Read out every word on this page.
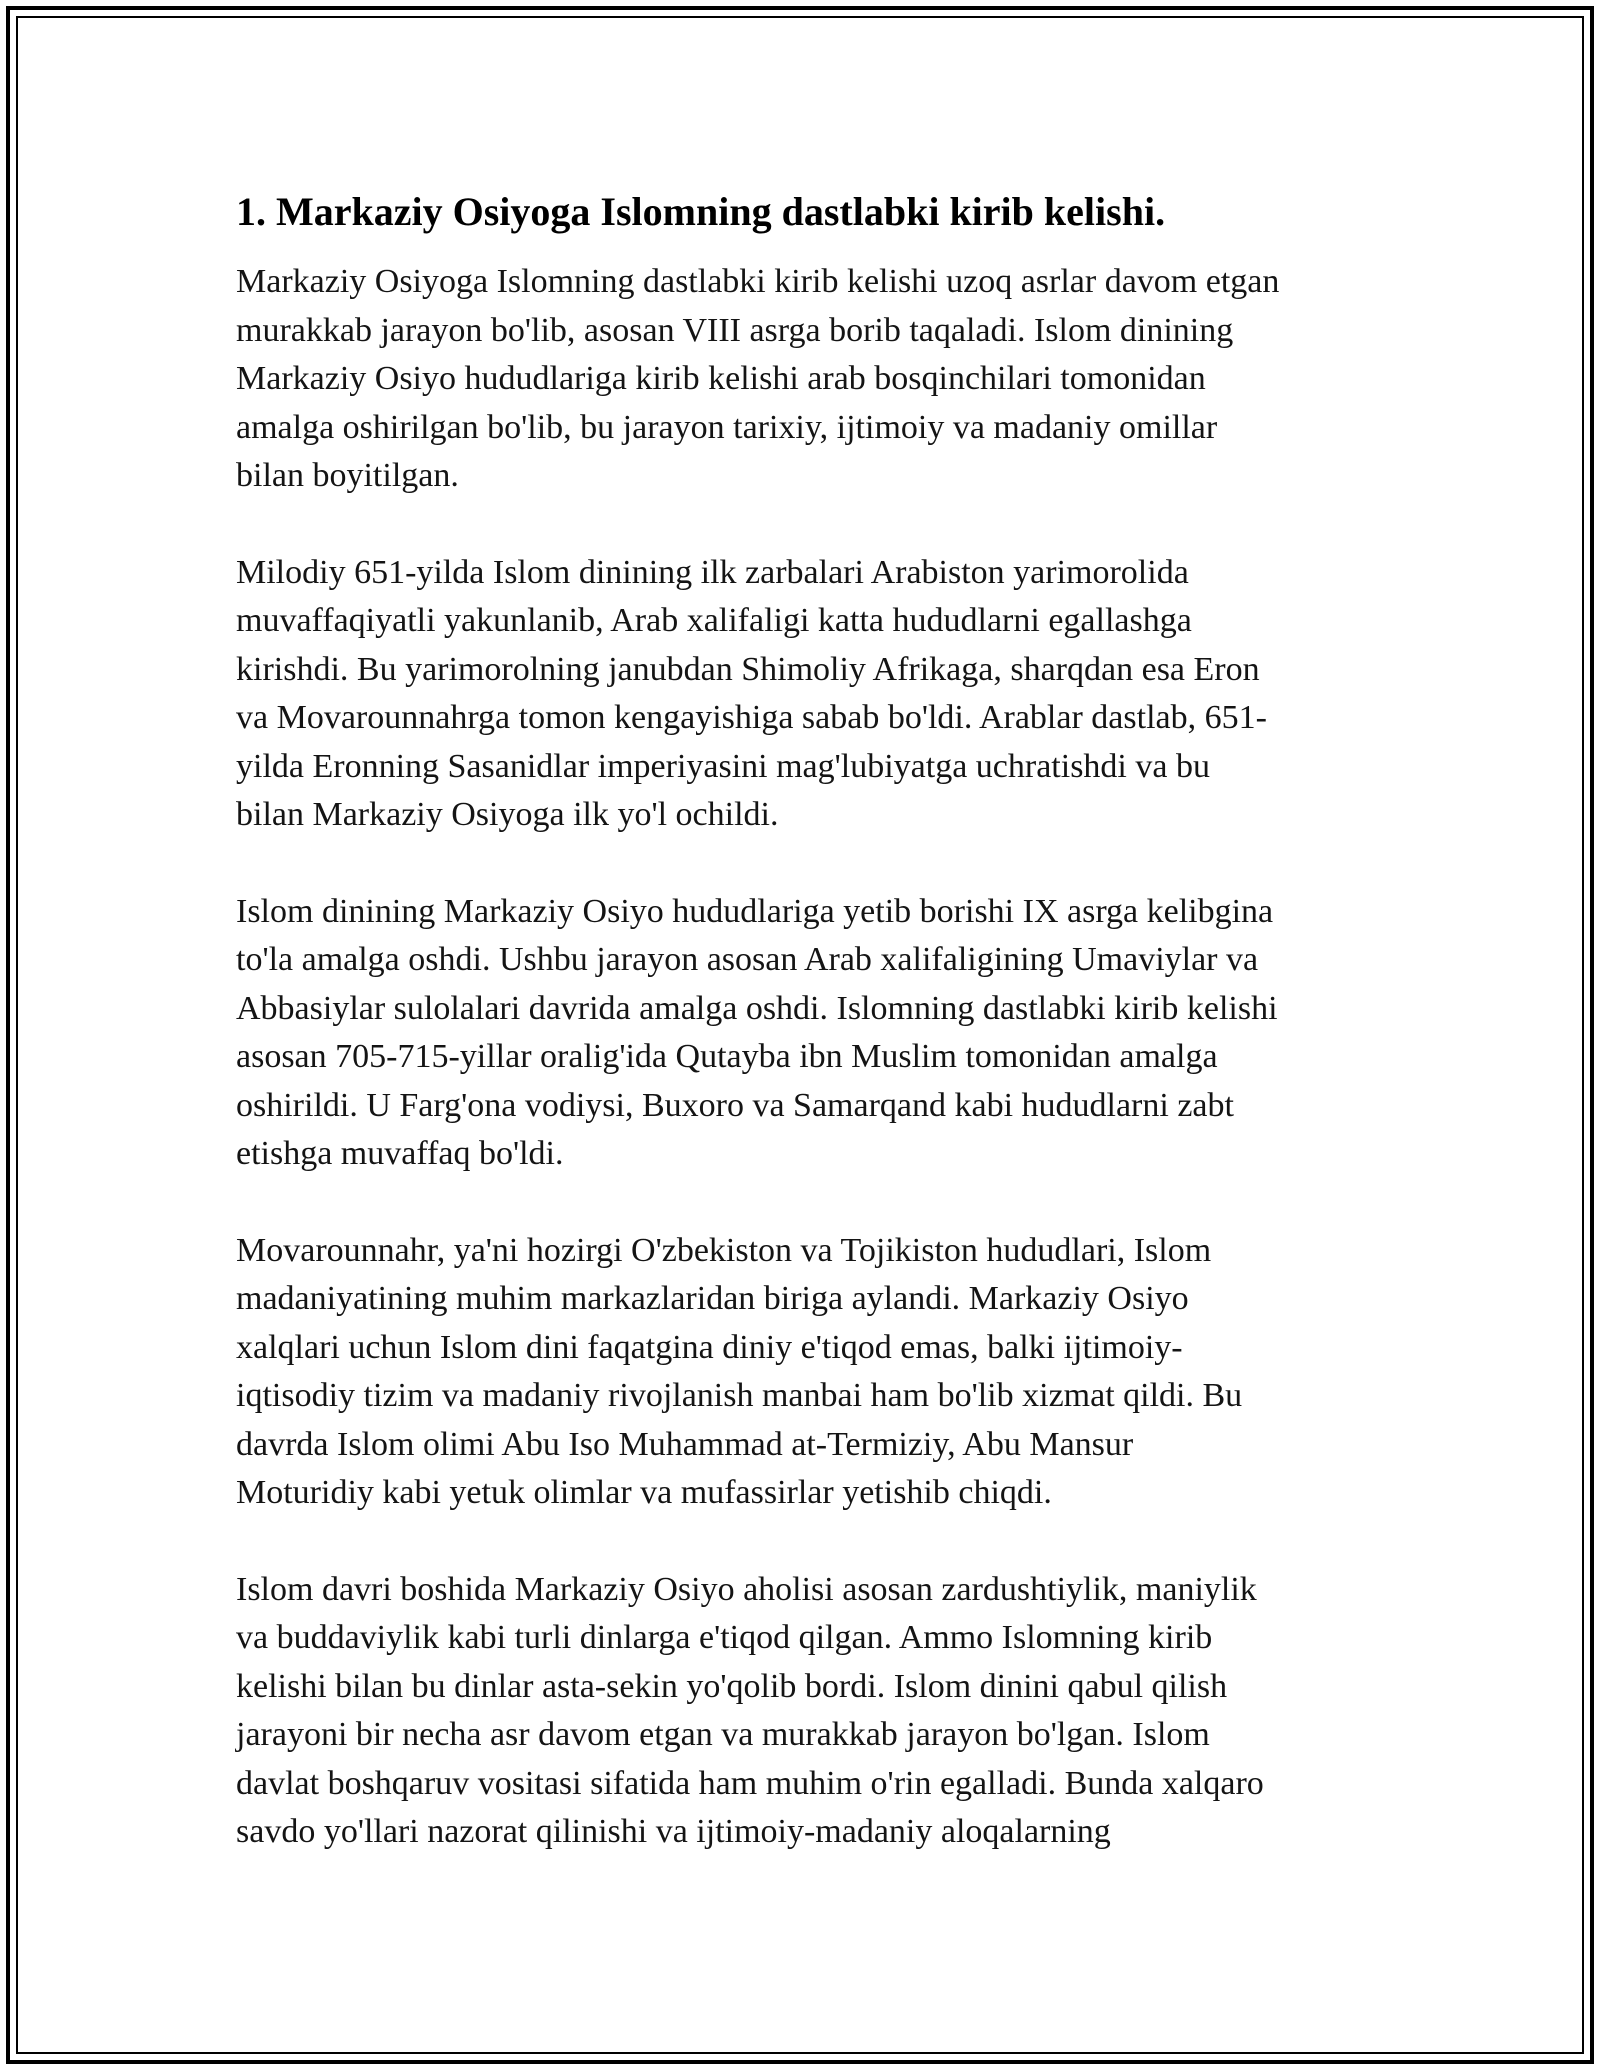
1. Markaziy Osiyoga Islomning dastlabki kirib kelishi.

Markaziy Osiyoga Islomning dastlabki kirib kelishi uzoq asrlar davom etgan
murakkab jarayon bo'lib, asosan VIII asrga borib taqaladi. Islom dinining
Markaziy Osiyo hududlariga kirib kelishi arab bosqinchilari tomonidan
amalga oshirilgan bo'lib, bu jarayon tarixiy, ijtimoiy va madaniy omillar
bilan boyitilgan.

Milodiy 651-yilda Islom dinining ilk zarbalari Arabiston yarimorolida
muvaffaqiyatli yakunlanib, Arab xalifaligi katta hududlarni egallashga
kirishdi. Bu yarimorolning janubdan Shimoliy Afrikaga, sharqdan esa Eron
va Movarounnahrga tomon kengayishiga sabab bo'ldi. Arablar dastlab, 651-
yilda Eronning Sasanidlar imperiyasini mag'lubiyatga uchratishdi va bu
bilan Markaziy Osiyoga ilk yo'l ochildi.

Islom dinining Markaziy Osiyo hududlariga yetib borishi IX asrga kelibgina
to'la amalga oshdi. Ushbu jarayon asosan Arab xalifaligining Umaviylar va
Abbasiylar sulolalari davrida amalga oshdi. Islomning dastlabki kirib kelishi
asosan 705-715-yillar oralig'ida Qutayba ibn Muslim tomonidan amalga
oshirildi. U Farg'ona vodiysi, Buxoro va Samarqand kabi hududlarni zabt
etishga muvaffaq bo'ldi.

Movarounnahr, ya'ni hozirgi O'zbekiston va Tojikiston hududlari, Islom
madaniyatining muhim markazlaridan biriga aylandi. Markaziy Osiyo
xalqlari uchun Islom dini faqatgina diniy e'tiqod emas, balki ijtimoiy-
iqtisodiy tizim va madaniy rivojlanish manbai ham bo'lib xizmat qildi. Bu
davrda Islom olimi Abu Iso Muhammad at-Termiziy, Abu Mansur
Moturidiy kabi yetuk olimlar va mufassirlar yetishib chiqdi.

Islom davri boshida Markaziy Osiyo aholisi asosan zardushtiylik, maniylik
va buddaviylik kabi turli dinlarga e'tiqod qilgan. Ammo Islomning kirib
kelishi bilan bu dinlar asta-sekin yo'qolib bordi. Islom dinini qabul qilish
jarayoni bir necha asr davom etgan va murakkab jarayon bo'lgan. Islom
davlat boshqaruv vositasi sifatida ham muhim o'rin egalladi. Bunda xalqaro
savdo yo'llari nazorat qilinishi va ijtimoiy-madaniy aloqalarning
